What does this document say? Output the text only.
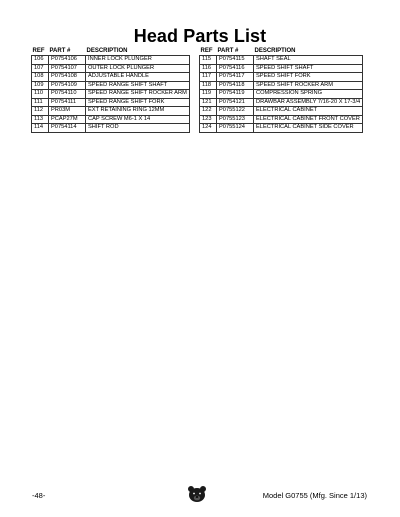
Head Parts List
REF	PART #	DESCRIPTION
106	P0754106	INNER LOCK PLUNGER
107	P0754107	OUTER LOCK PLUNGER
108	P0754108	ADJUSTABLE HANDLE
109	P0754109	SPEED RANGE SHIFT SHAFT
110	P0754110	SPEED RANGE SHIFT ROCKER ARM
111	P0754111	SPEED RANGE SHIFT FORK
112	PR03M	EXT RETAINING RING 12MM
113	PCAP27M	CAP SCREW M6-1 X 14
114	P0754114	SHIFT ROD
REF	PART #	DESCRIPTION
115	P0754115	SHAFT SEAL
116	P0754116	SPEED SHIFT SHAFT
117	P0754117	SPEED SHIFT FORK
118	P0754118	SPEED SHIFT ROCKER ARM
119	P0754119	COMPRESSION SPRING
121	P0754121	DRAWBAR ASSEMBLY 7/16-20 X 17-3/4
122	P0755122	ELECTRICAL CABINET
123	P0755123	ELECTRICAL CABINET FRONT COVER
124	P0755124	ELECTRICAL CABINET SIDE COVER
-48-	Model G0755 (Mfg. Since 1/13)
